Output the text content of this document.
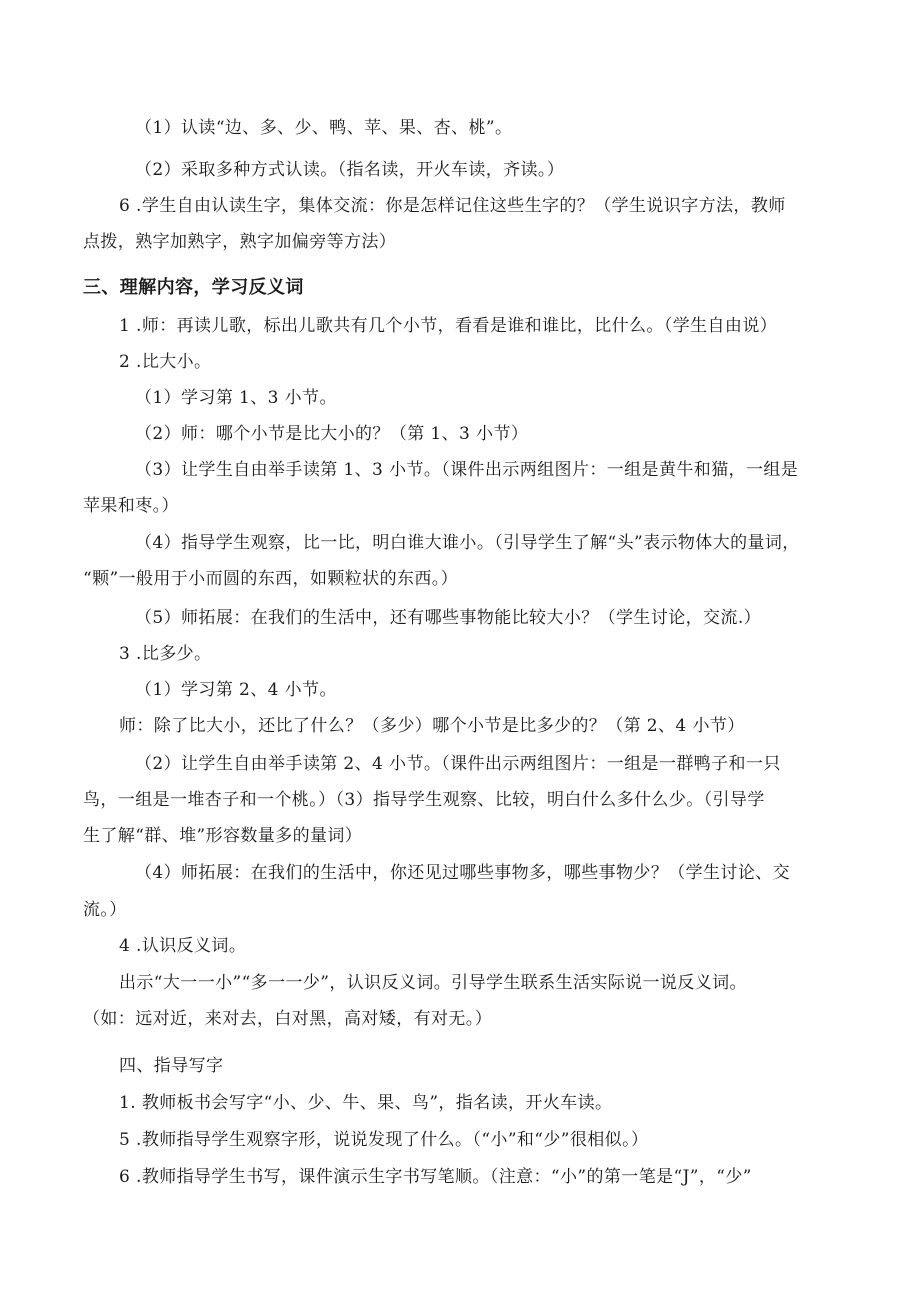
（1）认读“边、多、少、鸭、苹、果、杏、桃”。

（2）采取多种方式认读。（指名读，开火车读，齐读。）

6 .学生自由认读生字，集体交流：你是怎样记住这些生字的？（学生说识字方法，教师

点拨，熟字加熟字，熟字加偏旁等方法）

三、理解内容，学习反义词

1 .师：再读儿歌，标出儿歌共有几个小节，看看是谁和谁比，比什么。（学生自由说）

2 .比大小。

（1）学习第 1、3 小节。

（2）师：哪个小节是比大小的？（第 1、3 小节）

（3）让学生自由举手读第 1、3 小节。（课件出示两组图片：一组是黄牛和猫，一组是

苹果和枣。）

（4）指导学生观察，比一比，明白谁大谁小。（引导学生了解“头”表示物体大的量词，

“颗”一般用于小而圆的东西，如颗粒状的东西。）

（5）师拓展：在我们的生活中，还有哪些事物能比较大小？（学生讨论，交流.）

3 .比多少。

（1）学习第 2、4 小节。

师：除了比大小，还比了什么？（多少）哪个小节是比多少的？（第 2、4 小节）

（2）让学生自由举手读第 2、4 小节。（课件出示两组图片：一组是一群鸭子和一只

鸟，一组是一堆杏子和一个桃。）（3）指导学生观察、比较，明白什么多什么少。（引导学

生了解“群、堆”形容数量多的量词）

（4）师拓展：在我们的生活中，你还见过哪些事物多，哪些事物少？（学生讨论、交

流。）

4 .认识反义词。

出示“大一一小”“多一一少”，认识反义词。引导学生联系生活实际说一说反义词。

（如：远对近，来对去，白对黑，高对矮，有对无。）

四、指导写字

1. 教师板书会写字“小、少、牛、果、鸟”，指名读，开火车读。

5 .教师指导学生观察字形，说说发现了什么。（“小”和“少”很相似。）

6 .教师指导学生书写，课件演示生字书写笔顺。（注意：“小”的第一笔是“J”，“少”
